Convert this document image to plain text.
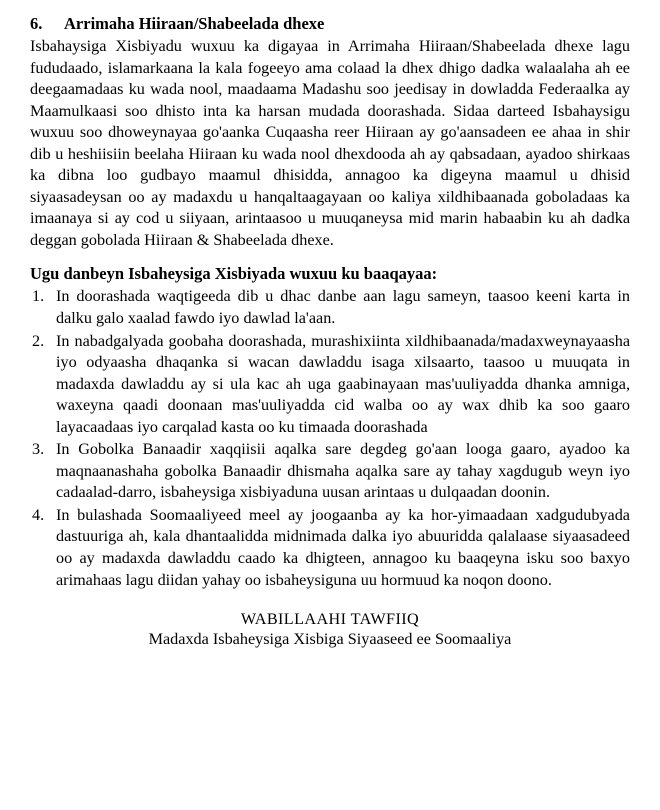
6.	Arrimaha Hiiraan/Shabeelada dhexe

Isbahaysiga Xisbiyadu wuxuu ka digayaa in Arrimaha Hiiraan/Shabeelada dhexe lagu fududaado, islamarkaana la kala fogeeyo ama colaad la dhex dhigo dadka walaalaha ah ee deegaamadaas ku wada nool, maadaama Madashu soo jeedisay in dowladda Federaalka ay Maamulkaasi soo dhisto inta ka harsan mudada doorashada. Sidaa darteed Isbahaysigu wuxuu soo dhoweynayaa go'aanka Cuqaasha reer Hiiraan ay go'aansadeen ee ahaa in shir dib u heshiisiin beelaha Hiiraan ku wada nool dhexdooda ah ay qabsadaan, ayadoo shirkaas ka dibna loo gudbayo maamul dhisidda, annagoo ka digeyna maamul u dhisid siyaasadeysan oo ay madaxdu u hanqaltaagayaan oo kaliya xildhibaanada goboladaas ka imaanaya si ay cod u siiyaan, arintaasoo u muuqaneysa mid marin habaabin ku ah dadka deggan gobolada Hiiraan & Shabeelada dhexe.

Ugu danbeyn Isbaheysiga Xisbiyada wuxuu ku baaqayaa:
In doorashada waqtigeeda dib u dhac danbe aan lagu sameyn, taasoo keeni karta in dalku galo xaalad fawdo iyo dawlad la'aan.
In nabadgalyada goobaha doorashada, murashixiinta xildhibaanada/madaxweynayaasha iyo odyaasha dhaqanka si wacan dawladdu isaga xilsaarto, taasoo u muuqata in madaxda dawladdu ay si ula kac ah uga gaabinayaan mas'uuliyadda dhanka amniga, waxeyna qaadi doonaan mas'uuliyadda cid walba oo ay wax dhib ka soo gaaro layacaadaas iyo carqalad kasta oo ku timaada doorashada
In Gobolka Banaadir xaqqiisii aqalka sare degdeg go'aan looga gaaro, ayadoo ka maqnaanashaha gobolka Banaadir dhismaha aqalka sare ay tahay xagdugub weyn iyo cadaalad-darro, isbaheysiga xisbiyaduna uusan arintaas u dulqaadan doonin.
In bulashada Soomaaliyeed meel ay joogaanba ay ka hor-yimaadaan xadgudubyada dastuuriga ah, kala dhantaalidda midnimada dalka iyo abuuridda qalalaase siyaasadeed oo ay madaxda dawladdu caado ka dhigteen, annagoo ku baaqeyna isku soo baxyo arimahaas lagu diidan yahay oo isbaheysiguna uu hormuud ka noqon doono.
WABILLAAHI TAWFIIQ
Madaxda Isbaheysiga Xisbiga Siyaaseed ee Soomaaliya
